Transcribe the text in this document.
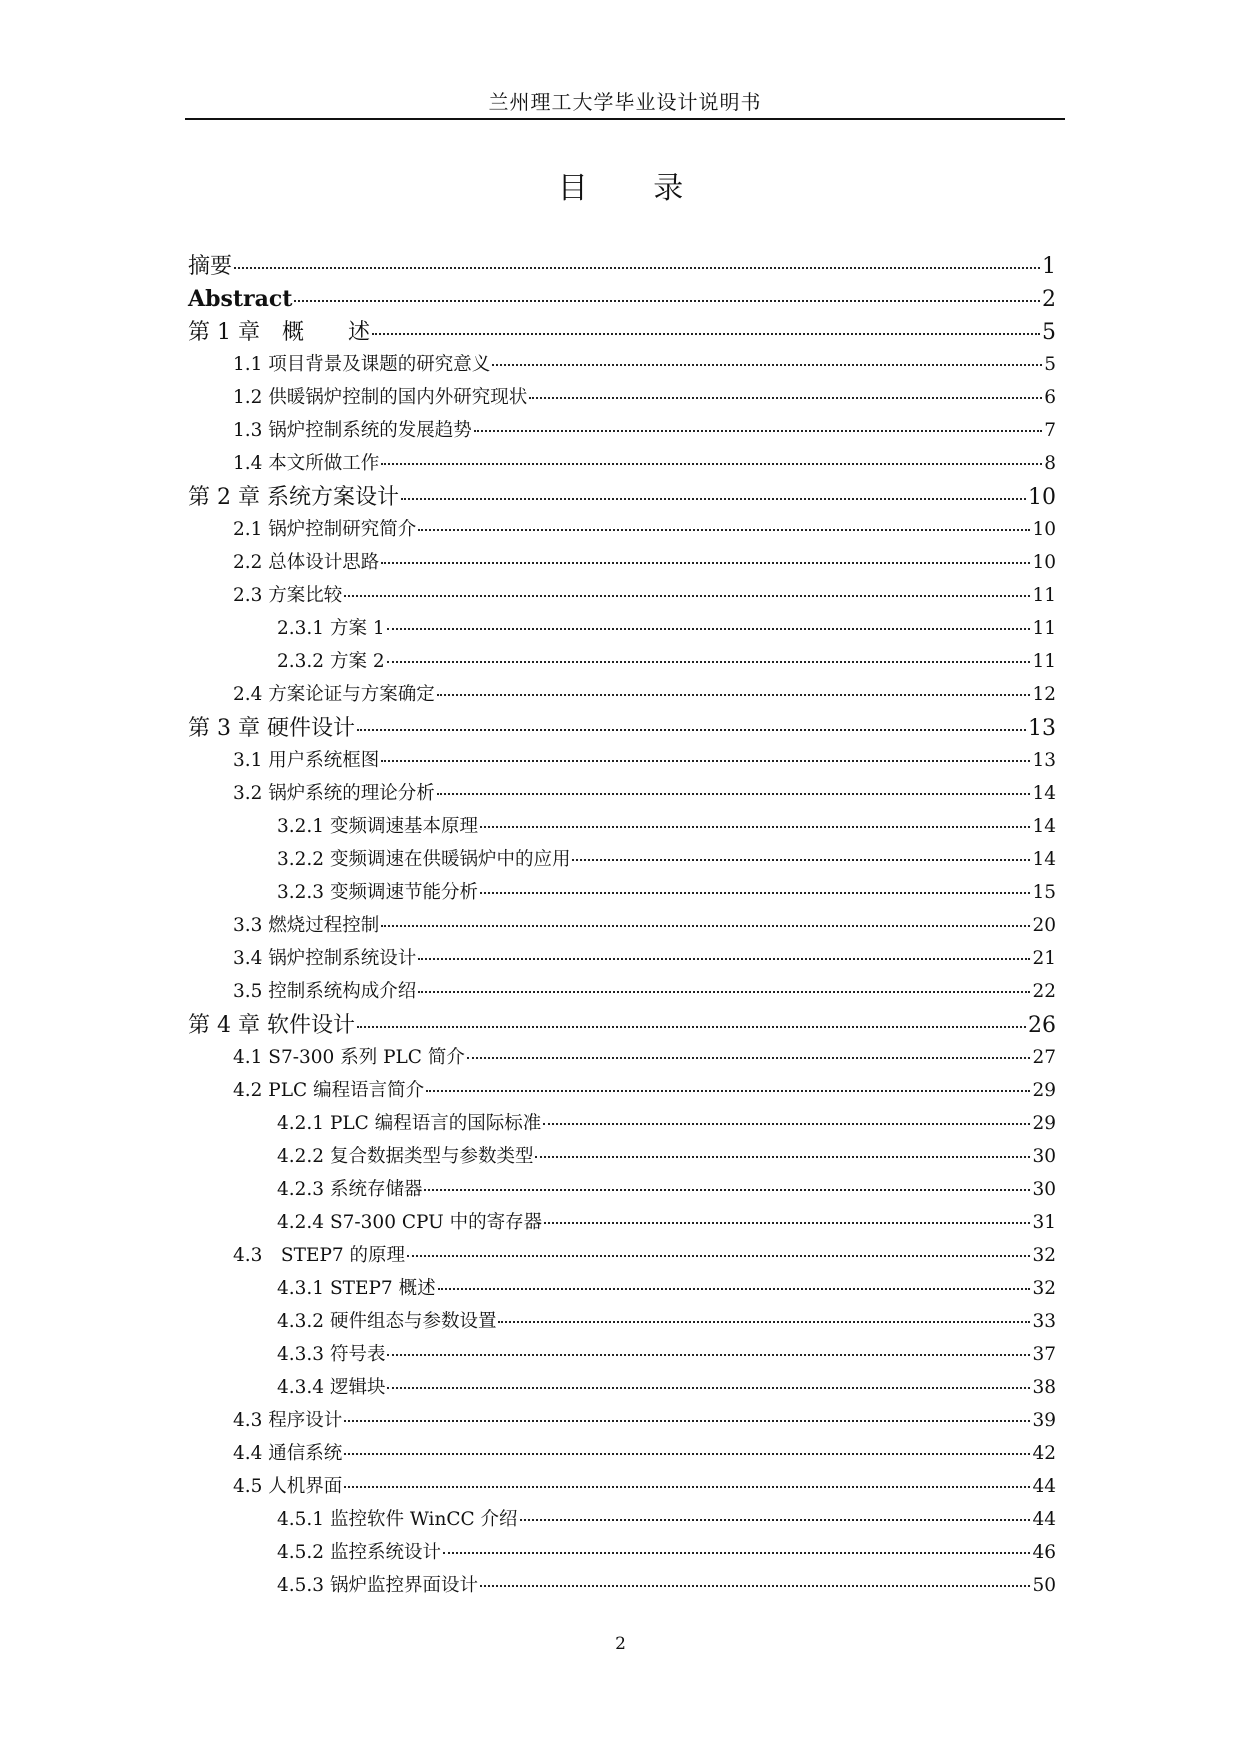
兰州理工大学毕业设计说明书
目 录
摘要	1
Abstract	2
第 1 章　概　　述	5
1.1 项目背景及课题的研究意义	5
1.2 供暖锅炉控制的国内外研究现状	6
1.3 锅炉控制系统的发展趋势	7
1.4 本文所做工作	8
第 2 章 系统方案设计	10
2.1 锅炉控制研究简介	10
2.2 总体设计思路	10
2.3 方案比较	11
2.3.1 方案 1	11
2.3.2 方案 2	11
2.4 方案论证与方案确定	12
第 3 章 硬件设计	13
3.1 用户系统框图	13
3.2 锅炉系统的理论分析	14
3.2.1 变频调速基本原理	14
3.2.2 变频调速在供暖锅炉中的应用	14
3.2.3 变频调速节能分析	15
3.3 燃烧过程控制	20
3.4 锅炉控制系统设计	21
3.5 控制系统构成介绍	22
第 4 章 软件设计	26
4.1 S7-300 系列 PLC 简介	27
4.2 PLC 编程语言简介	29
4.2.1 PLC 编程语言的国际标准	29
4.2.2 复合数据类型与参数类型	30
4.2.3 系统存储器	30
4.2.4 S7-300 CPU 中的寄存器	31
4.3　STEP7 的原理	32
4.3.1 STEP7 概述	32
4.3.2 硬件组态与参数设置	33
4.3.3 符号表	37
4.3.4 逻辑块	38
4.3 程序设计	39
4.4 通信系统	42
4.5 人机界面	44
4.5.1 监控软件 WinCC 介绍	44
4.5.2 监控系统设计	46
4.5.3 锅炉监控界面设计	50
2
